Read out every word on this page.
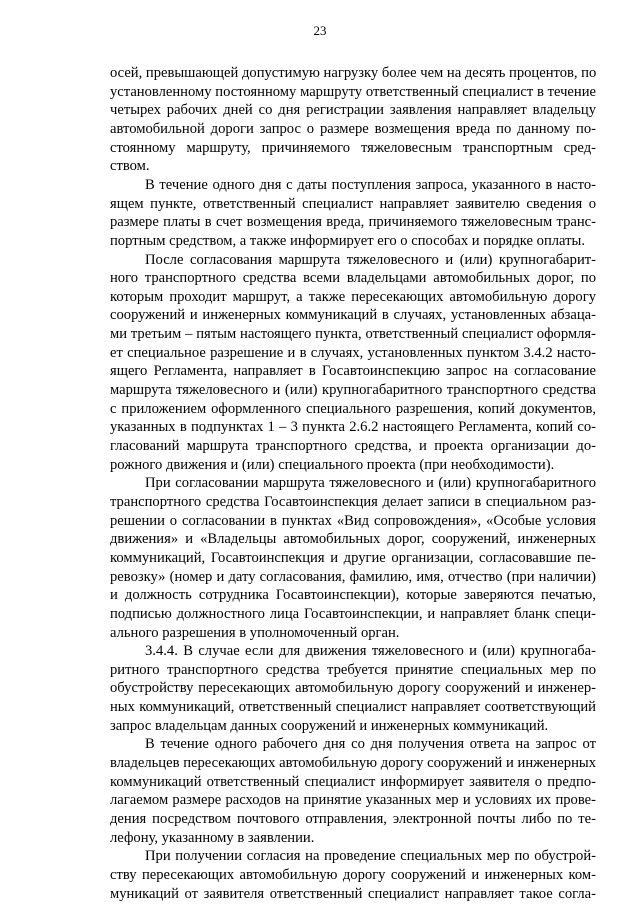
23
осей, превышающей допустимую нагрузку более чем на десять процентов, по
установленному постоянному маршруту ответственный специалист в течение
четырех рабочих дней со дня регистрации заявления направляет владельцу
автомобильной дороги запрос о размере возмещения вреда по данному по-
стоянному маршруту, причиняемого тяжеловесным транспортным сред-
ством.
В течение одного дня с даты поступления запроса, указанного в насто-
ящем пункте, ответственный специалист направляет заявителю сведения о
размере платы в счет возмещения вреда, причиняемого тяжеловесным транс-
портным средством, а также информирует его о способах и порядке оплаты.
После согласования маршрута тяжеловесного и (или) крупногабарит-
ного транспортного средства всеми владельцами автомобильных дорог, по
которым проходит маршрут, а также пересекающих автомобильную дорогу
сооружений и инженерных коммуникаций в случаях, установленных абзаца-
ми третьим – пятым настоящего пункта, ответственный специалист оформля-
ет специальное разрешение и в случаях, установленных пунктом 3.4.2 насто-
ящего Регламента, направляет в Госавтоинспекцию запрос на согласование
маршрута тяжеловесного и (или) крупногабаритного транспортного средства
с приложением оформленного специального разрешения, копий документов,
указанных в подпунктах 1 – 3 пункта 2.6.2 настоящего Регламента, копий со-
гласований маршрута транспортного средства, и проекта организации до-
рожного движения и (или) специального проекта (при необходимости).
При согласовании маршрута тяжеловесного и (или) крупногабаритного
транспортного средства Госавтоинспекция делает записи в специальном раз-
решении о согласовании в пунктах «Вид сопровождения», «Особые условия
движения» и «Владельцы автомобильных дорог, сооружений, инженерных
коммуникаций, Госавтоинспекция и другие организации, согласовавшие пе-
ревозку» (номер и дату согласования, фамилию, имя, отчество (при наличии)
и должность сотрудника Госавтоинспекции), которые заверяются печатью,
подписью должностного лица Госавтоинспекции, и направляет бланк специ-
ального разрешения в уполномоченный орган.
3.4.4. В случае если для движения тяжеловесного и (или) крупногаба-
ритного транспортного средства требуется принятие специальных мер по
обустройству пересекающих автомобильную дорогу сооружений и инженер-
ных коммуникаций, ответственный специалист направляет соответствующий
запрос владельцам данных сооружений и инженерных коммуникаций.
В течение одного рабочего дня со дня получения ответа на запрос от
владельцев пересекающих автомобильную дорогу сооружений и инженерных
коммуникаций ответственный специалист информирует заявителя о предпо-
лагаемом размере расходов на принятие указанных мер и условиях их прове-
дения посредством почтового отправления, электронной почты либо по те-
лефону, указанному в заявлении.
При получении согласия на проведение специальных мер по обустрой-
ству пересекающих автомобильную дорогу сооружений и инженерных ком-
муникаций от заявителя ответственный специалист направляет такое согла-
